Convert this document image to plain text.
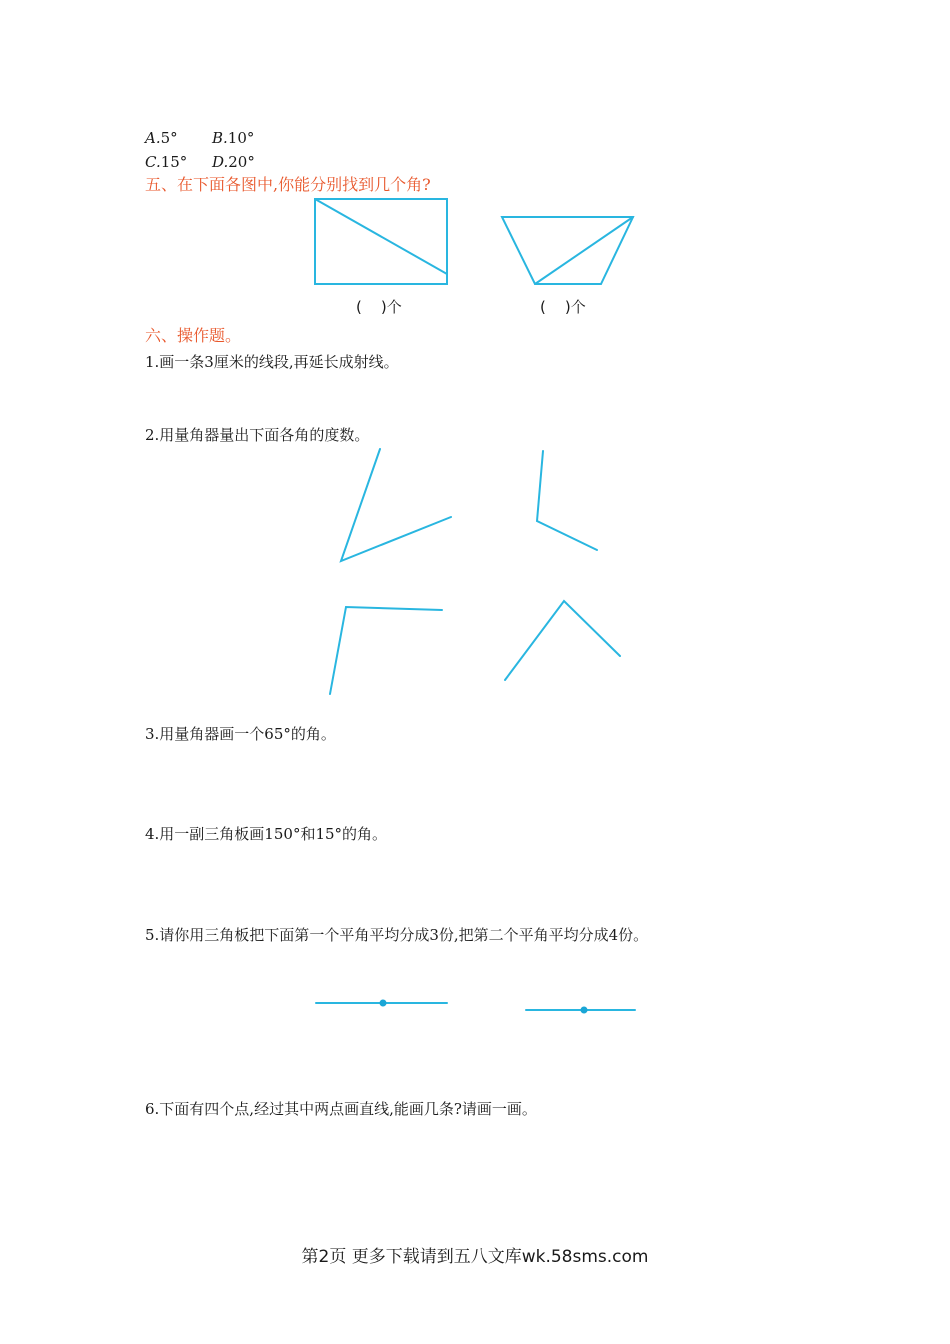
A.5° B.10°
C.15° D.20°
五、在下面各图中,你能分别找到几个角?
(    )个	(    )个
六、操作题。
1.画一条3厘米的线段,再延长成射线。
2.用量角器量出下面各角的度数。
3.用量角器画一个65°的角。
4.用一副三角板画150°和15°的角。
5.请你用三角板把下面第一个平角平均分成3份,把第二个平角平均分成4份。
6.下面有四个点,经过其中两点画直线,能画几条?请画一画。
第2页 更多下载请到五八文库wk.58sms.com
